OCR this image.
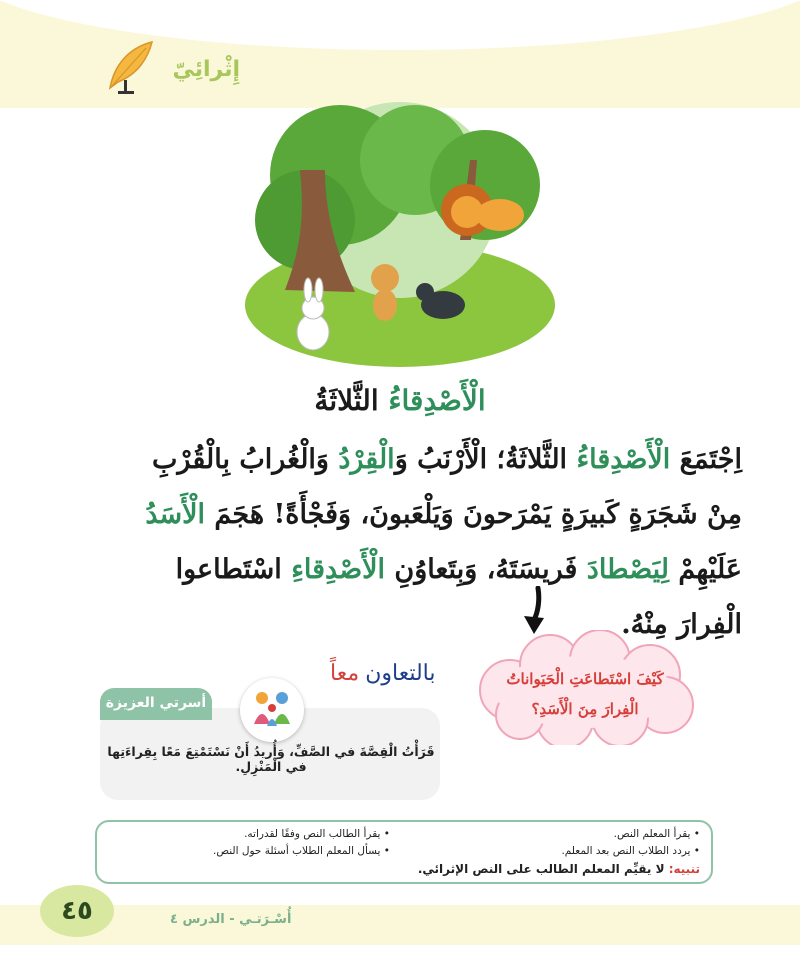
إِثْرائِيّ
الْأَصْدِقاءُ الثَّلاثَةُ
اِجْتَمَعَ الْأَصْدِقاءُ الثَّلاثَةُ؛ الْأَرْنَبُ وَالْقِرْدُ وَالْغُرابُ بِالْقُرْبِ
مِنْ شَجَرَةٍ كَبيرَةٍ يَمْرَحونَ وَيَلْعَبونَ، وَفَجْأَةً! هَجَمَ الْأَسَدُ
عَلَيْهِمْ لِيَصْطادَ فَريسَتَهُ، وَبِتَعاوُنِ الْأَصْدِقاءِ اسْتَطاعوا
الْفِرارَ مِنْهُ.
كَيْفَ اسْتَطاعَتِ الْحَيَواناتُ
الْفِرارَ مِنَ الْأَسَدِ؟
بالتعاون معاً
أسرتي العزيزة
قَرَأْتُ الْقِصَّةَ في الصَّفِّ، وَأُريدُ أَنْ نَسْتَمْتِعَ مَعًا بِقِراءَتِها في الْمَنْزِلِ.
• يقرأ المعلم النص.
• يردد الطلاب النص بعد المعلم.
• يقرأ الطالب النص وفقًا لقدراته.
• يسأل المعلم الطلاب أسئلة حول النص.
تنبيه: لا يقيِّم المعلم الطالب على النص الإثرائي.
٤٥	أُسْـرَتـي - الدرس ٤
